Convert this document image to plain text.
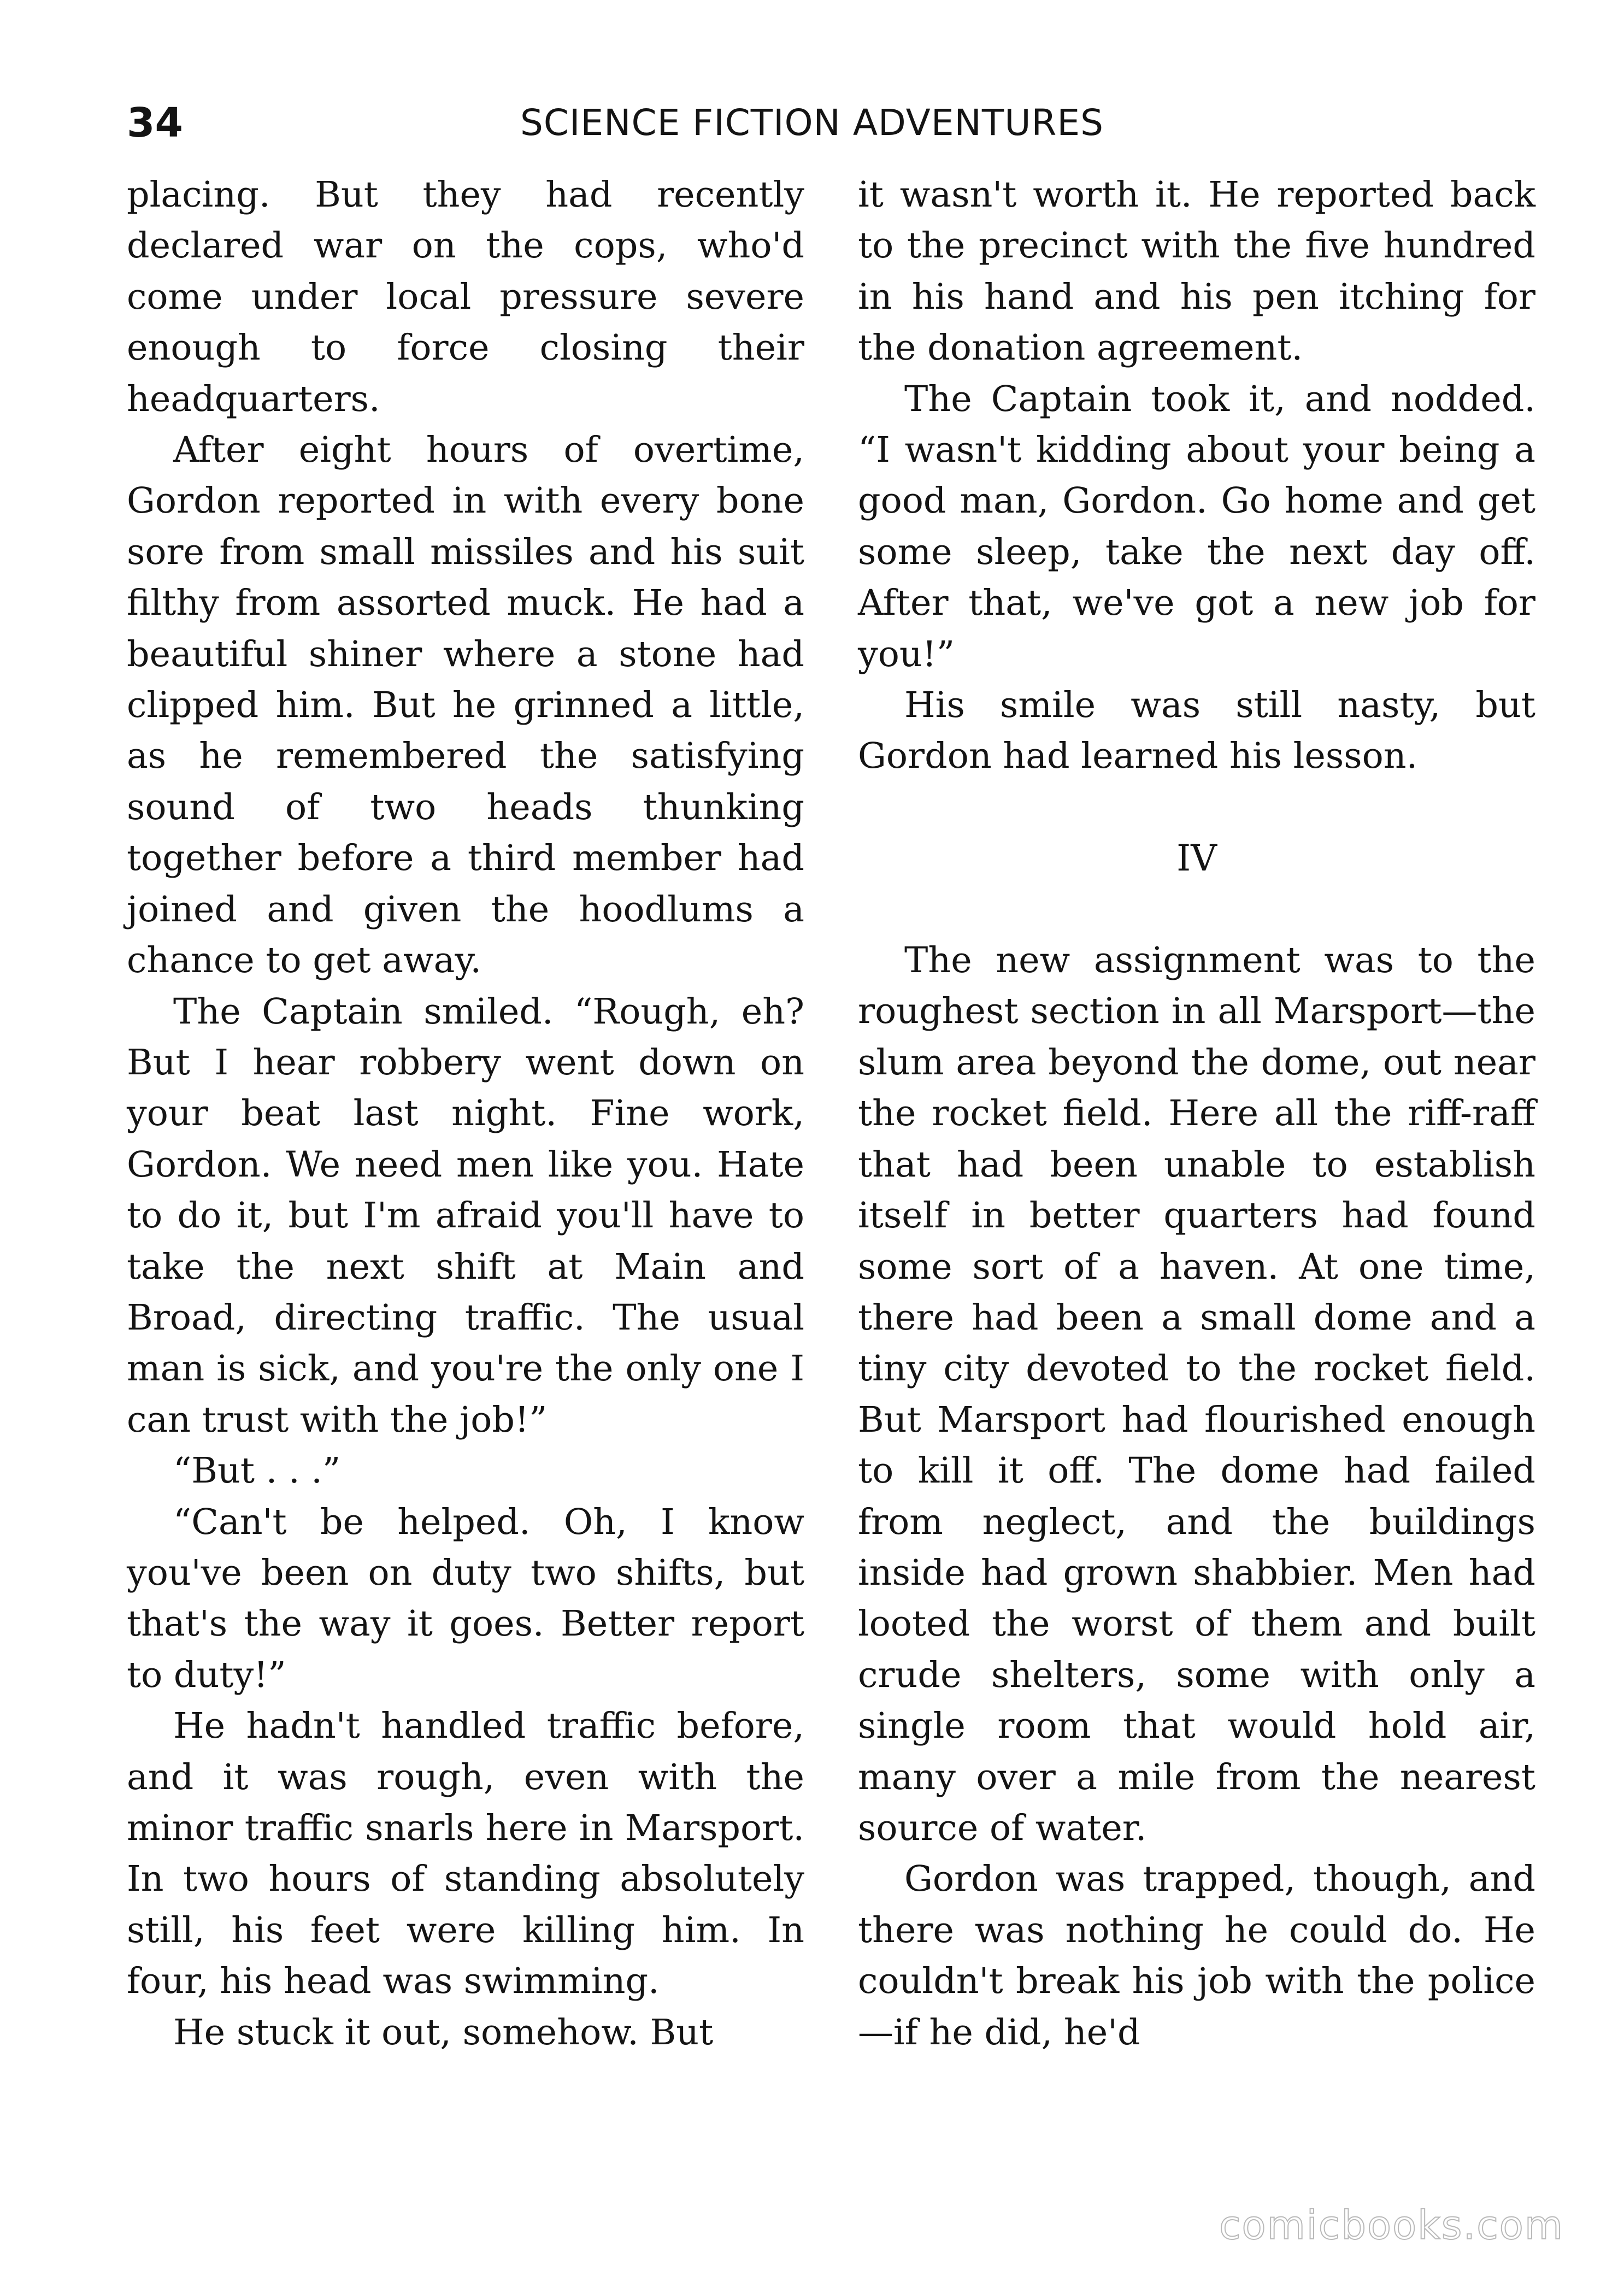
34	SCIENCE FICTION ADVENTURES

placing. But they had recently declared war on the cops, who'd come under local pressure severe enough to force closing their headquarters.

After eight hours of overtime, Gordon reported in with every bone sore from small missiles and his suit filthy from assorted muck. He had a beautiful shiner where a stone had clipped him. But he grinned a little, as he remembered the satisfying sound of two heads thunking together before a third member had joined and given the hoodlums a chance to get away.

The Captain smiled. “Rough, eh? But I hear robbery went down on your beat last night. Fine work, Gordon. We need men like you. Hate to do it, but I'm afraid you'll have to take the next shift at Main and Broad, directing traffic. The usual man is sick, and you're the only one I can trust with the job!”

“But . . .”

“Can't be helped. Oh, I know you've been on duty two shifts, but that's the way it goes. Better report to duty!”

He hadn't handled traffic before, and it was rough, even with the minor traffic snarls here in Marsport. In two hours of standing absolutely still, his feet were killing him. In four, his head was swimming.

He stuck it out, somehow. But

it wasn't worth it. He reported back to the precinct with the five hundred in his hand and his pen itching for the donation agreement.

The Captain took it, and nodded. “I wasn't kidding about your being a good man, Gordon. Go home and get some sleep, take the next day off. After that, we've got a new job for you!”

His smile was still nasty, but Gordon had learned his lesson.

IV

The new assignment was to the roughest section in all Marsport—the slum area beyond the dome, out near the rocket field. Here all the riff-raff that had been unable to establish itself in better quarters had found some sort of a haven. At one time, there had been a small dome and a tiny city devoted to the rocket field. But Marsport had flourished enough to kill it off. The dome had failed from neglect, and the buildings inside had grown shabbier. Men had looted the worst of them and built crude shelters, some with only a single room that would hold air, many over a mile from the nearest source of water.

Gordon was trapped, though, and there was nothing he could do. He couldn't break his job with the police—if he did, he'd

comicbooks.com
